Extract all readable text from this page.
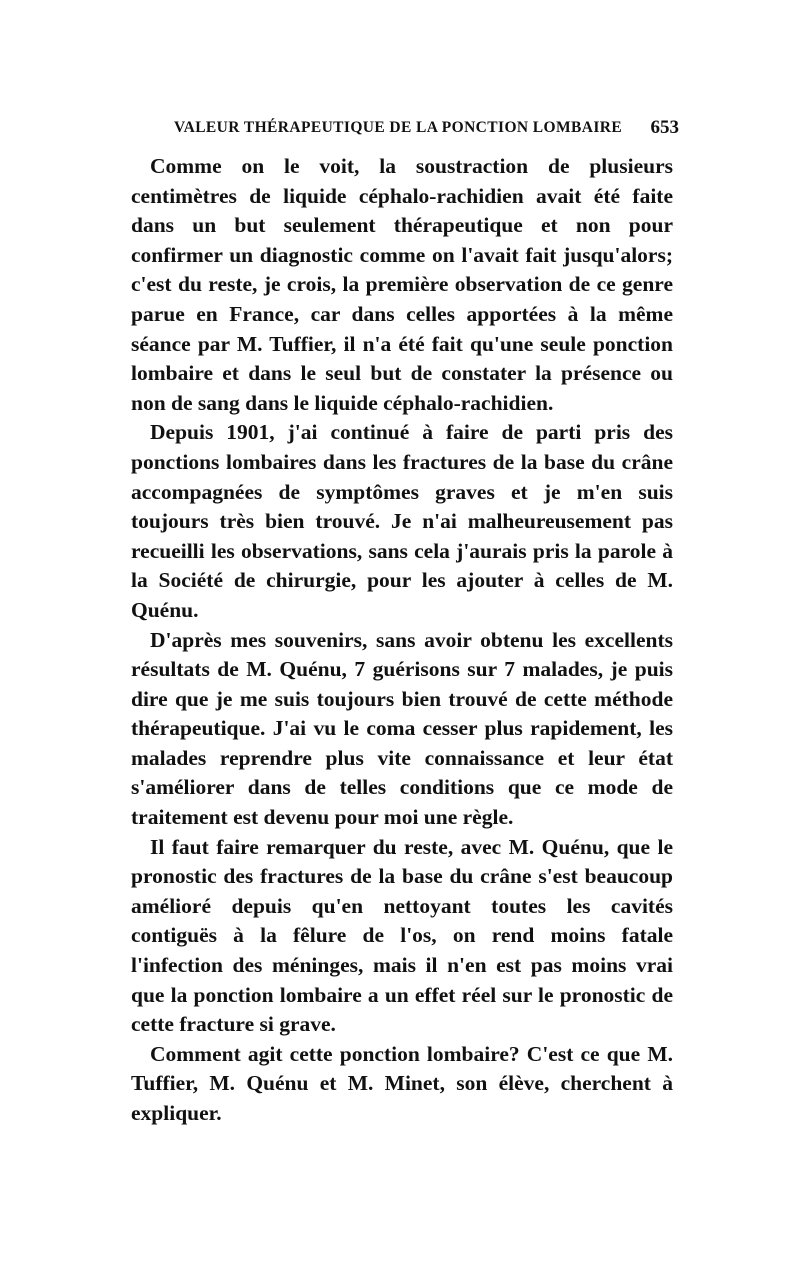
VALEUR THÉRAPEUTIQUE DE LA PONCTION LOMBAIRE 653

Comme on le voit, la soustraction de plusieurs centimètres de liquide céphalo-rachidien avait été faite dans un but seulement thérapeutique et non pour confirmer un diagnostic comme on l'avait fait jusqu'alors; c'est du reste, je crois, la première observation de ce genre parue en France, car dans celles apportées à la même séance par M. Tuffier, il n'a été fait qu'une seule ponction lombaire et dans le seul but de constater la présence ou non de sang dans le liquide céphalo-rachidien.

Depuis 1901, j'ai continué à faire de parti pris des ponctions lombaires dans les fractures de la base du crâne accompagnées de symptômes graves et je m'en suis toujours très bien trouvé. Je n'ai malheureusement pas recueilli les observations, sans cela j'aurais pris la parole à la Société de chirurgie, pour les ajouter à celles de M. Quénu.

D'après mes souvenirs, sans avoir obtenu les excellents résultats de M. Quénu, 7 guérisons sur 7 malades, je puis dire que je me suis toujours bien trouvé de cette méthode thérapeutique. J'ai vu le coma cesser plus rapidement, les malades reprendre plus vite connaissance et leur état s'améliorer dans de telles conditions que ce mode de traitement est devenu pour moi une règle.

Il faut faire remarquer du reste, avec M. Quénu, que le pronostic des fractures de la base du crâne s'est beaucoup amélioré depuis qu'en nettoyant toutes les cavités contiguës à la fêlure de l'os, on rend moins fatale l'infection des méninges, mais il n'en est pas moins vrai que la ponction lombaire a un effet réel sur le pronostic de cette fracture si grave.

Comment agit cette ponction lombaire? C'est ce que M. Tuffier, M. Quénu et M. Minet, son élève, cherchent à expliquer.
